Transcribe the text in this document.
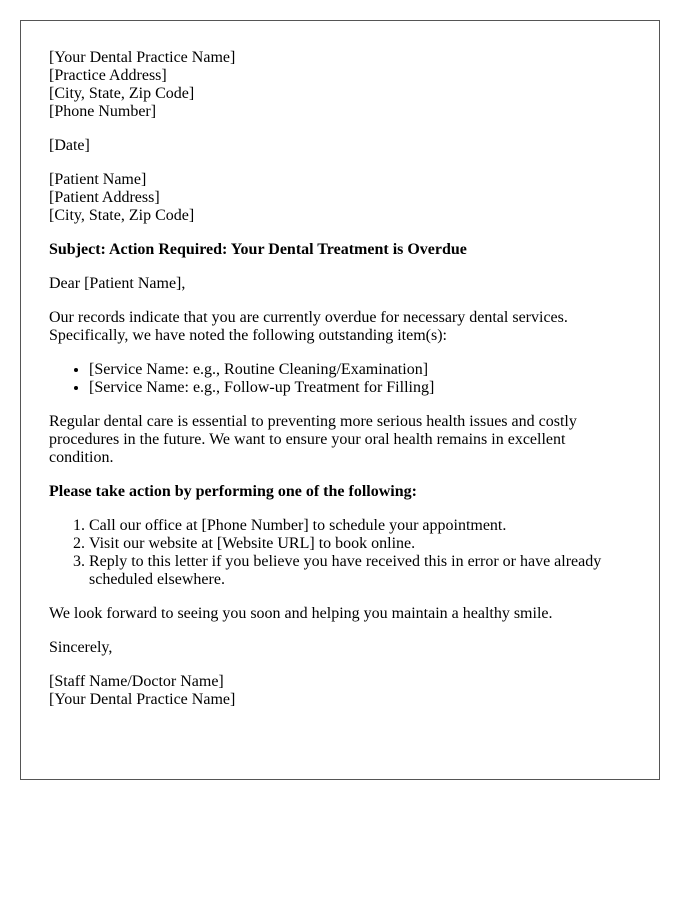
[Your Dental Practice Name]
[Practice Address]
[City, State, Zip Code]
[Phone Number]
[Date]
[Patient Name]
[Patient Address]
[City, State, Zip Code]

Subject: Action Required: Your Dental Treatment is Overdue

Dear [Patient Name],

Our records indicate that you are currently overdue for necessary dental services. Specifically, we have noted the following outstanding item(s):

• [Service Name: e.g., Routine Cleaning/Examination]
• [Service Name: e.g., Follow-up Treatment for Filling]

Regular dental care is essential to preventing more serious health issues and costly procedures in the future. We want to ensure your oral health remains in excellent condition.

Please take action by performing one of the following:

1. Call our office at [Phone Number] to schedule your appointment.
2. Visit our website at [Website URL] to book online.
3. Reply to this letter if you believe you have received this in error or have already scheduled elsewhere.

We look forward to seeing you soon and helping you maintain a healthy smile.

Sincerely,

[Staff Name/Doctor Name]
[Your Dental Practice Name]
